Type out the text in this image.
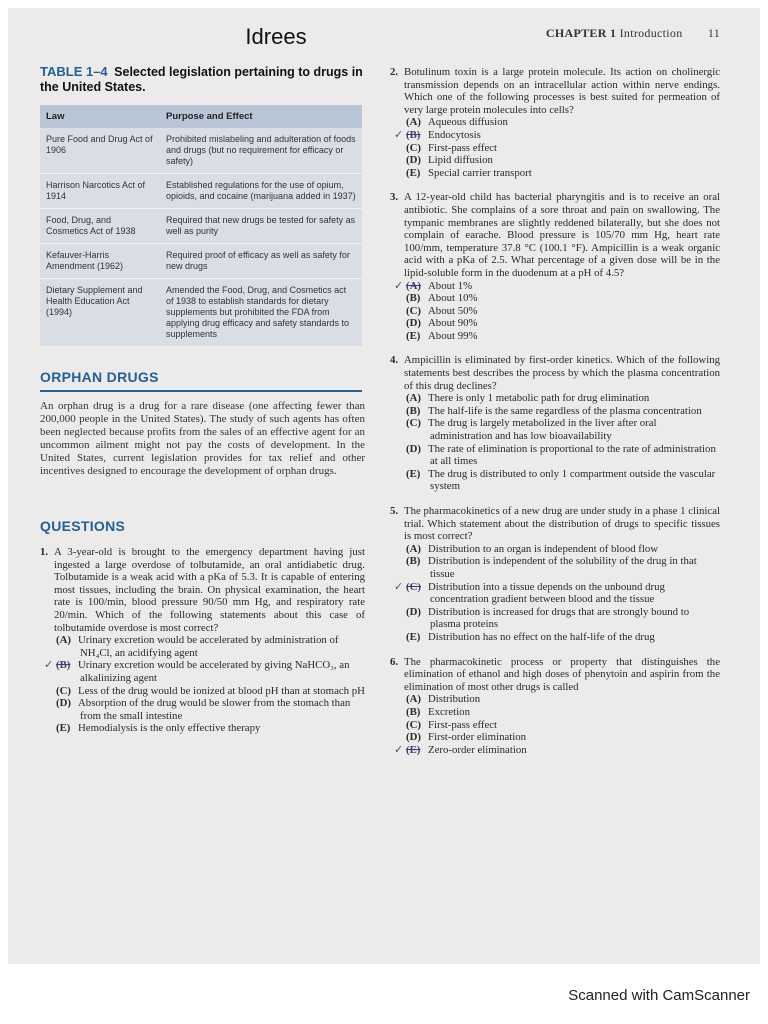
Idrees	CHAPTER 1 Introduction 11
TABLE 1–4 Selected legislation pertaining to drugs in the United States.
Law	Purpose and Effect
Pure Food and Drug Act of 1906	Prohibited mislabeling and adulteration of foods and drugs (but no requirement for efficacy or safety)
Harrison Narcotics Act of 1914	Established regulations for the use of opium, opioids, and cocaine (marijuana added in 1937)
Food, Drug, and Cosmetics Act of 1938	Required that new drugs be tested for safety as well as purity
Kefauver-Harris Amendment (1962)	Required proof of efficacy as well as safety for new drugs
Dietary Supplement and Health Education Act (1994)	Amended the Food, Drug, and Cosmetics act of 1938 to establish standards for dietary supplements but prohibited the FDA from applying drug efficacy and safety standards to supplements
ORPHAN DRUGS
An orphan drug is a drug for a rare disease (one affecting fewer than 200,000 people in the United States). The study of such agents has often been neglected because profits from the sales of an effective agent for an uncommon ailment might not pay the costs of development. In the United States, current legislation provides for tax relief and other incentives designed to encourage the development of orphan drugs.
QUESTIONS
1. A 3-year-old is brought to the emergency department having just ingested a large overdose of tolbutamide, an oral antidiabetic drug. Tolbutamide is a weak acid with a pKa of 5.3. It is capable of entering most tissues, including the brain. On physical examination, the heart rate is 100/min, blood pressure 90/50 mm Hg, and respiratory rate 20/min. Which of the following statements about this case of tolbutamide overdose is most correct?
(A) Urinary excretion would be accelerated by administration of NH₄Cl, an acidifying agent
✓ (B) Urinary excretion would be accelerated by giving NaHCO₃, an alkalinizing agent
(C) Less of the drug would be ionized at blood pH than at stomach pH
(D) Absorption of the drug would be slower from the stomach than from the small intestine
(E) Hemodialysis is the only effective therapy
2. Botulinum toxin is a large protein molecule. Its action on cholinergic transmission depends on an intracellular action within nerve endings. Which one of the following processes is best suited for permeation of very large protein molecules into cells?
(A) Aqueous diffusion
✓ (B) Endocytosis
(C) First-pass effect
(D) Lipid diffusion
(E) Special carrier transport
3. A 12-year-old child has bacterial pharyngitis and is to receive an oral antibiotic. She complains of a sore throat and pain on swallowing. The tympanic membranes are slightly reddened bilaterally, but she does not complain of earache. Blood pressure is 105/70 mm Hg, heart rate 100/mm, temperature 37.8 °C (100.1 °F). Ampicillin is a weak organic acid with a pKa of 2.5. What percentage of a given dose will be in the lipid-soluble form in the duodenum at a pH of 4.5?
✓ (A) About 1%
(B) About 10%
(C) About 50%
(D) About 90%
(E) About 99%
4. Ampicillin is eliminated by first-order kinetics. Which of the following statements best describes the process by which the plasma concentration of this drug declines?
(A) There is only 1 metabolic path for drug elimination
(B) The half-life is the same regardless of the plasma concentration
(C) The drug is largely metabolized in the liver after oral administration and has low bioavailability
(D) The rate of elimination is proportional to the rate of administration at all times
(E) The drug is distributed to only 1 compartment outside the vascular system
5. The pharmacokinetics of a new drug are under study in a phase 1 clinical trial. Which statement about the distribution of drugs to specific tissues is most correct?
(A) Distribution to an organ is independent of blood flow
(B) Distribution is independent of the solubility of the drug in that tissue
✓ (C) Distribution into a tissue depends on the unbound drug concentration gradient between blood and the tissue
(D) Distribution is increased for drugs that are strongly bound to plasma proteins
(E) Distribution has no effect on the half-life of the drug
6. The pharmacokinetic process or property that distinguishes the elimination of ethanol and high doses of phenytoin and aspirin from the elimination of most other drugs is called
(A) Distribution
(B) Excretion
(C) First-pass effect
(D) First-order elimination
✓ (E) Zero-order elimination
Scanned with CamScanner
